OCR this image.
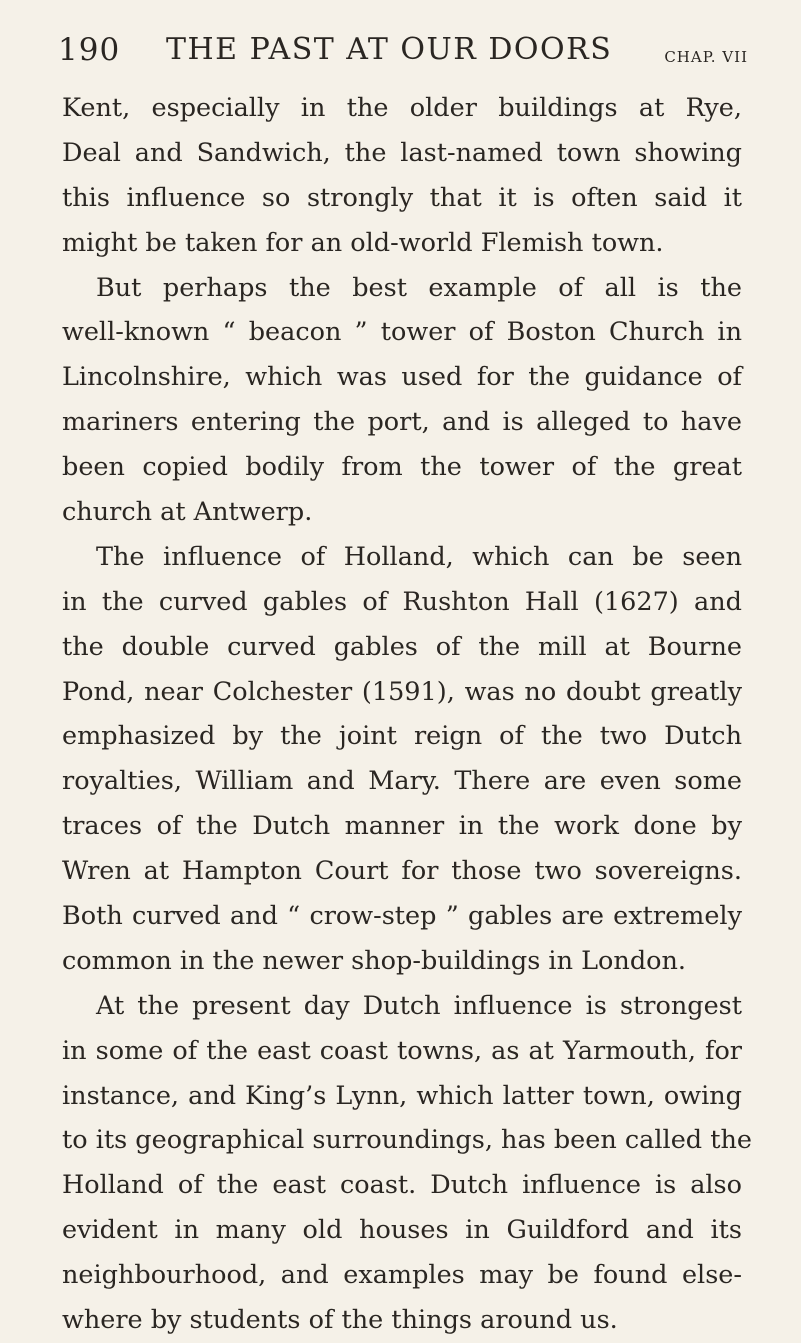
190 THE PAST AT OUR DOORS	CHAP. VII
Kent, especially in the older buildings at Rye,
Deal and Sandwich, the last-named town showing
this influence so strongly that it is often said it
might be taken for an old-world Flemish town.
But perhaps the best example of all is the
well-known “ beacon ” tower of Boston Church in
Lincolnshire, which was used for the guidance of
mariners entering the port, and is alleged to have
been copied bodily from the tower of the great
church at Antwerp.
The influence of Holland, which can be seen
in the curved gables of Rushton Hall (1627) and
the double curved gables of the mill at Bourne
Pond, near Colchester (1591), was no doubt greatly
emphasized by the joint reign of the two Dutch
royalties, William and Mary. There are even some
traces of the Dutch manner in the work done by
Wren at Hampton Court for those two sovereigns.
Both curved and “ crow-step ” gables are extremely
common in the newer shop-buildings in London.
At the present day Dutch influence is strongest
in some of the east coast towns, as at Yarmouth, for
instance, and King’s Lynn, which latter town, owing
to its geographical surroundings, has been called the
Holland of the east coast. Dutch influence is also
evident in many old houses in Guildford and its
neighbourhood, and examples may be found else-
where by students of the things around us.
